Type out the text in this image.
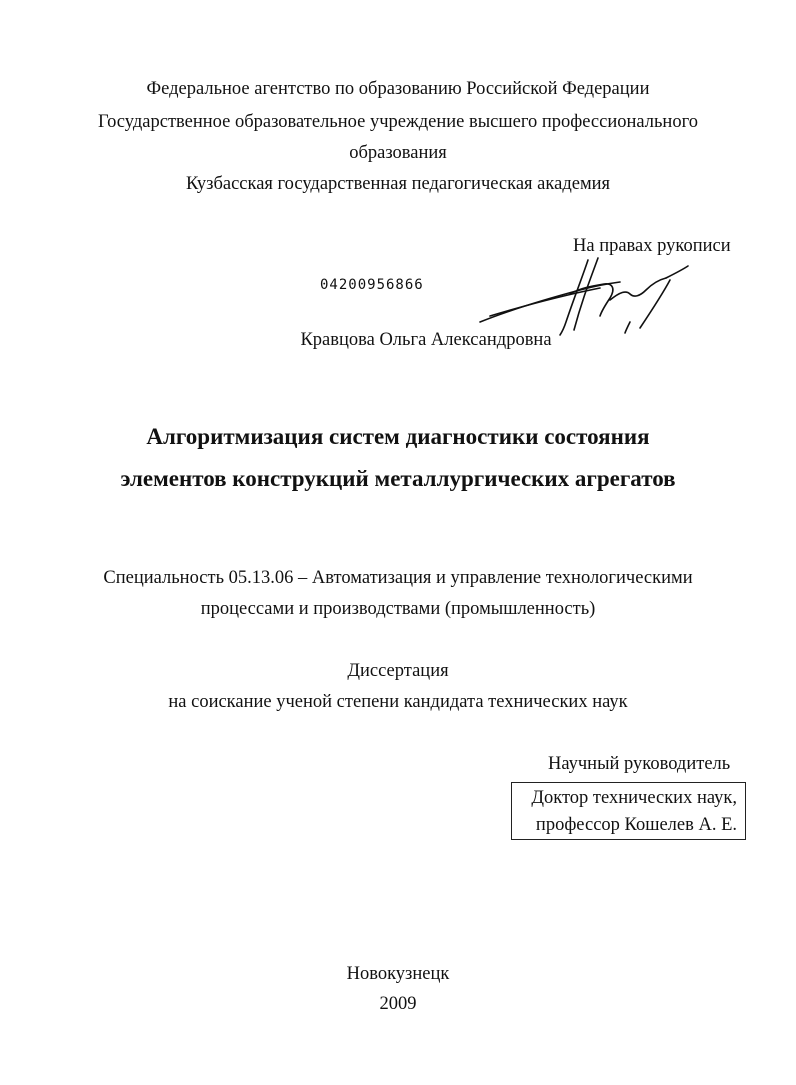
Федеральное агентство по образованию Российской Федерации
Государственное образовательное учреждение высшего профессионального
образования
Кузбасская государственная педагогическая академия
На правах рукописи
04200956866
Кравцова Ольга Александровна
Алгоритмизация систем диагностики состояния
элементов конструкций металлургических агрегатов
Специальность 05.13.06 – Автоматизация и управление технологическими
процессами и производствами (промышленность)
Диссертация
на соискание ученой степени кандидата технических наук
Научный руководитель
Доктор технических наук,
профессор Кошелев А. Е.
Новокузнецк
2009
